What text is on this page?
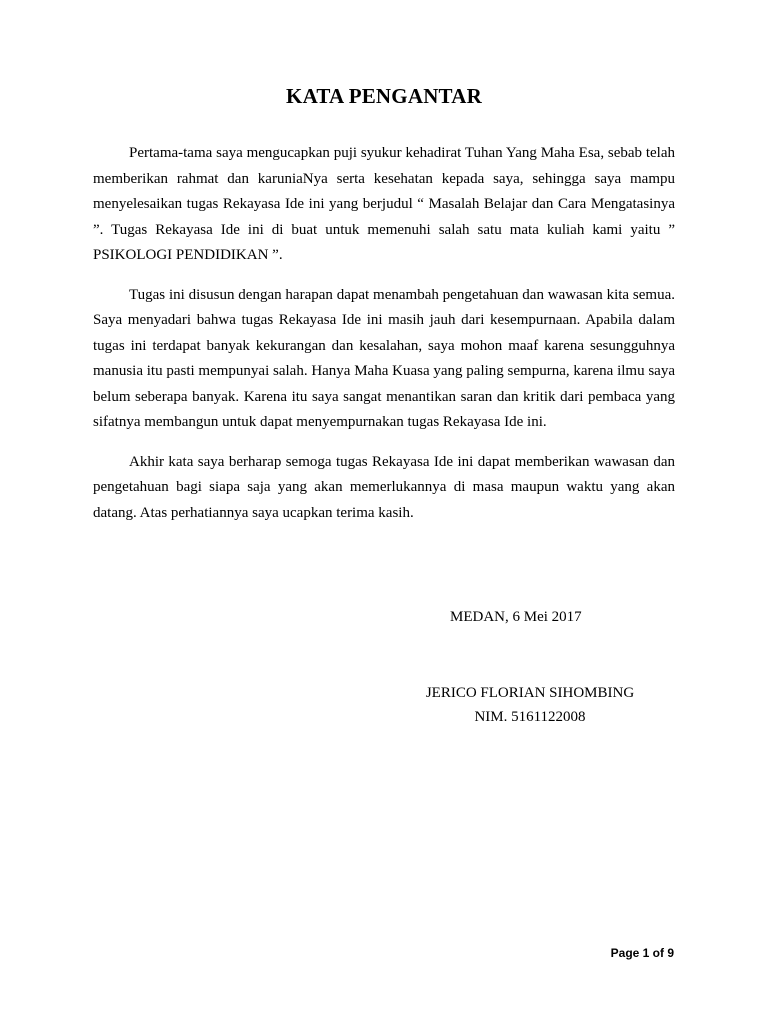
KATA PENGANTAR

Pertama-tama saya mengucapkan puji syukur kehadirat Tuhan Yang Maha Esa, sebab telah memberikan rahmat dan karuniaNya serta kesehatan kepada saya, sehingga saya mampu menyelesaikan tugas Rekayasa Ide ini yang berjudul “ Masalah Belajar dan Cara Mengatasinya ”. Tugas Rekayasa Ide ini di buat untuk memenuhi salah satu mata kuliah kami yaitu ” PSIKOLOGI PENDIDIKAN ”.

Tugas ini disusun dengan harapan dapat menambah pengetahuan dan wawasan kita semua. Saya menyadari bahwa tugas Rekayasa Ide ini masih jauh dari kesempurnaan. Apabila dalam tugas ini terdapat banyak kekurangan dan kesalahan, saya mohon maaf karena sesungguhnya manusia itu pasti mempunyai salah. Hanya Maha Kuasa yang paling sempurna, karena ilmu saya belum seberapa banyak. Karena itu saya sangat menantikan saran dan kritik dari pembaca yang sifatnya membangun untuk dapat menyempurnakan tugas Rekayasa Ide ini.

Akhir kata saya berharap semoga tugas Rekayasa Ide ini dapat memberikan wawasan dan pengetahuan bagi siapa saja yang akan memerlukannya di masa maupun waktu yang akan datang. Atas perhatiannya saya ucapkan terima kasih.

MEDAN, 6 Mei 2017

JERICO FLORIAN SIHOMBING

NIM. 5161122008

Page 1 of 9
